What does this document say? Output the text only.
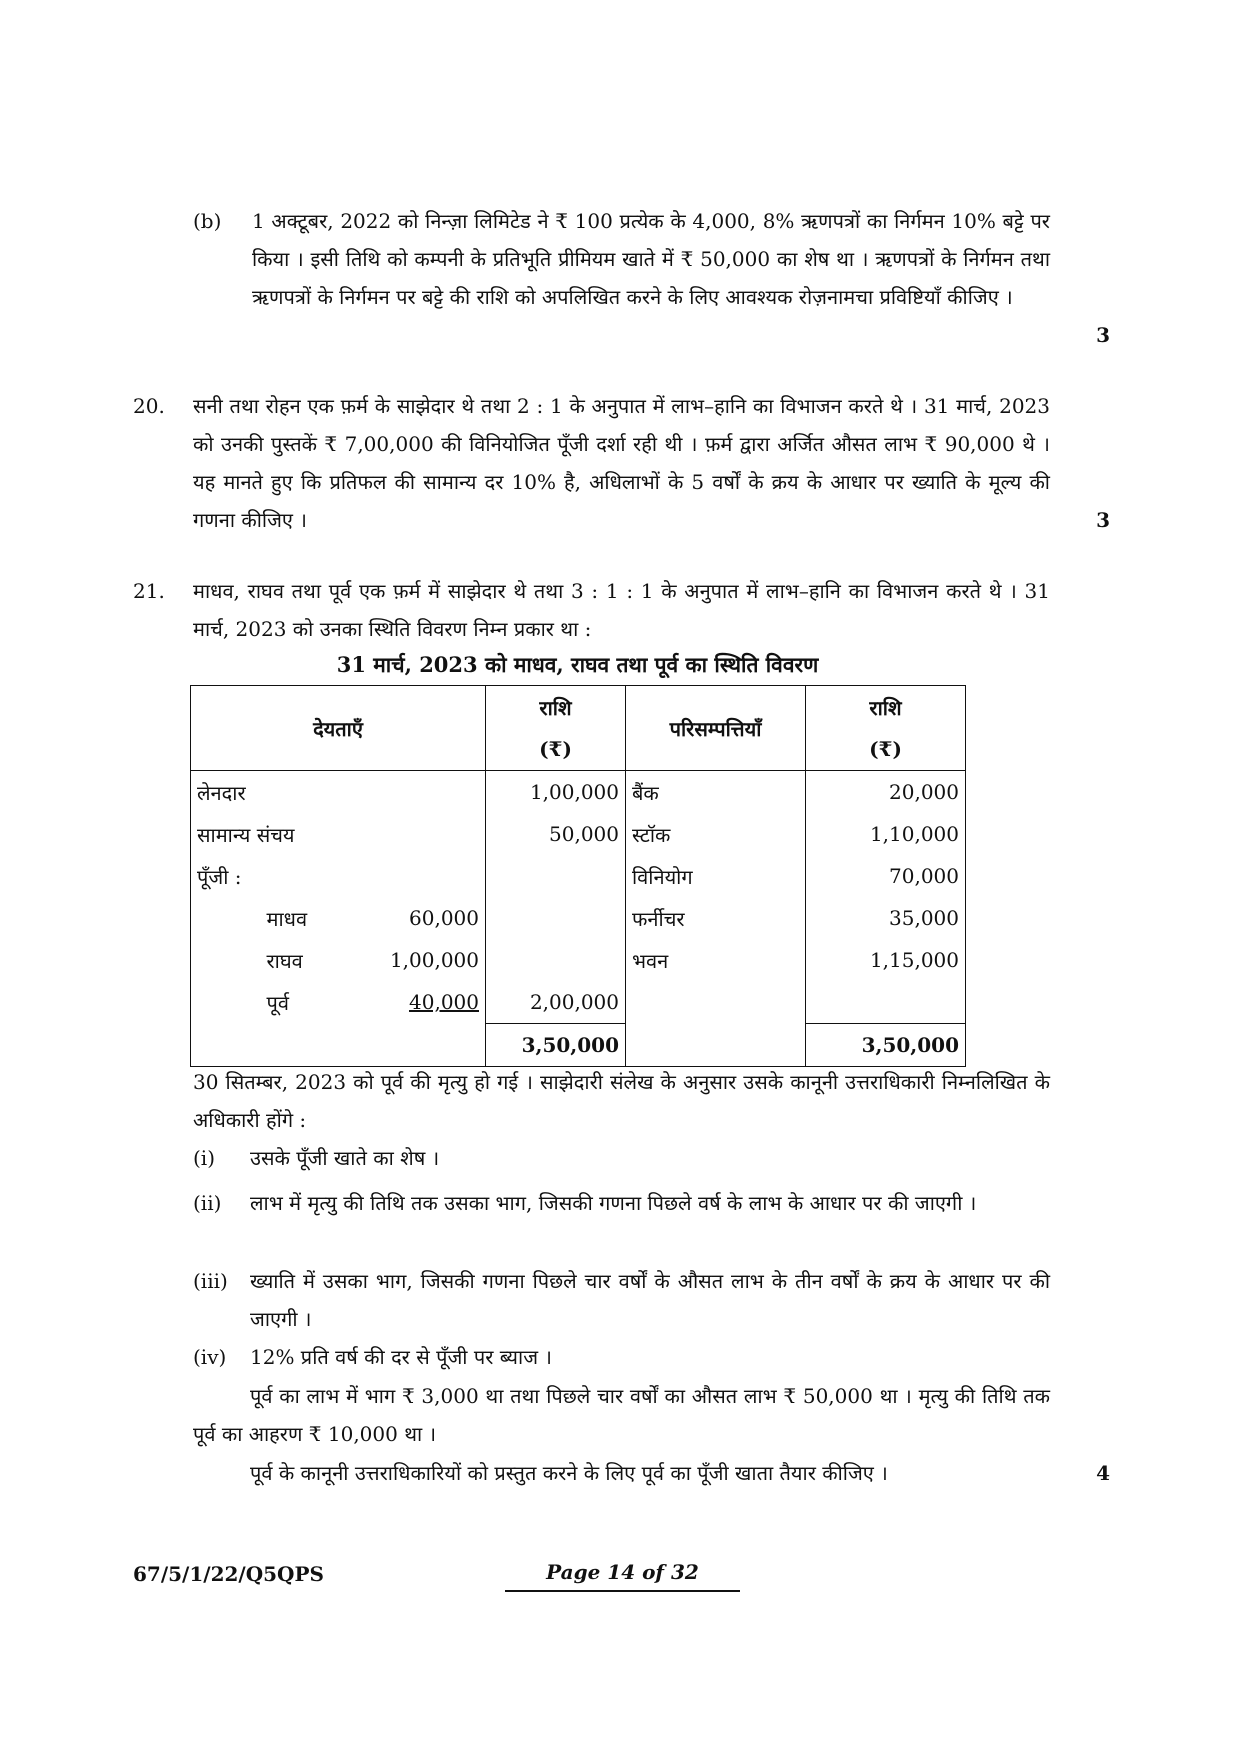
(b) 1 अक्टूबर, 2022 को निन्ज़ा लिमिटेड ने ₹ 100 प्रत्येक के 4,000, 8% ऋणपत्रों का निर्गमन 10% बट्टे पर किया । इसी तिथि को कम्पनी के प्रतिभूति प्रीमियम खाते में ₹ 50,000 का शेष था । ऋणपत्रों के निर्गमन तथा ऋणपत्रों के निर्गमन पर बट्टे की राशि को अपलिखित करने के लिए आवश्यक रोज़नामचा प्रविष्टियाँ कीजिए ।
3
20. सनी तथा रोहन एक फ़र्म के साझेदार थे तथा 2 : 1 के अनुपात में लाभ–हानि का विभाजन करते थे । 31 मार्च, 2023 को उनकी पुस्तकें ₹ 7,00,000 की विनियोजित पूँजी दर्शा रही थी । फ़र्म द्वारा अर्जित औसत लाभ ₹ 90,000 थे । यह मानते हुए कि प्रतिफल की सामान्य दर 10% है, अधिलाभों के 5 वर्षों के क्रय के आधार पर ख्याति के मूल्य की गणना कीजिए ।	3
21. माधव, राघव तथा पूर्व एक फ़र्म में साझेदार थे तथा 3 : 1 : 1 के अनुपात में लाभ–हानि का विभाजन करते थे । 31 मार्च, 2023 को उनका स्थिति विवरण निम्न प्रकार था :
31 मार्च, 2023 को माधव, राघव तथा पूर्व का स्थिति विवरण
देयताएँ			राशि	परिसम्पत्तियाँ	राशि
			(₹)		(₹)
लेनदार			1,00,000	बैंक	20,000
सामान्य संचय			50,000	स्टॉक	1,10,000
पूँजी :				विनियोग	70,000
	माधव	60,000		फर्नीचर	35,000
	राघव	1,00,000		भवन	1,15,000
	पूर्व	40,000	2,00,000		
			3,50,000		3,50,000
30 सितम्बर, 2023 को पूर्व की मृत्यु हो गई । साझेदारी संलेख के अनुसार उसके कानूनी उत्तराधिकारी निम्नलिखित के अधिकारी होंगे :
(i) उसके पूँजी खाते का शेष ।
(ii) लाभ में मृत्यु की तिथि तक उसका भाग, जिसकी गणना पिछले वर्ष के लाभ के आधार पर की जाएगी ।
(iii) ख्याति में उसका भाग, जिसकी गणना पिछले चार वर्षों के औसत लाभ के तीन वर्षों के क्रय के आधार पर की जाएगी ।
(iv) 12% प्रति वर्ष की दर से पूँजी पर ब्याज ।
पूर्व का लाभ में भाग ₹ 3,000 था तथा पिछले चार वर्षों का औसत लाभ ₹ 50,000 था । मृत्यु की तिथि तक पूर्व का आहरण ₹ 10,000 था ।
पूर्व के कानूनी उत्तराधिकारियों को प्रस्तुत करने के लिए पूर्व का पूँजी खाता तैयार कीजिए ।	4
67/5/1/22/Q5QPS	Page 14 of 32
